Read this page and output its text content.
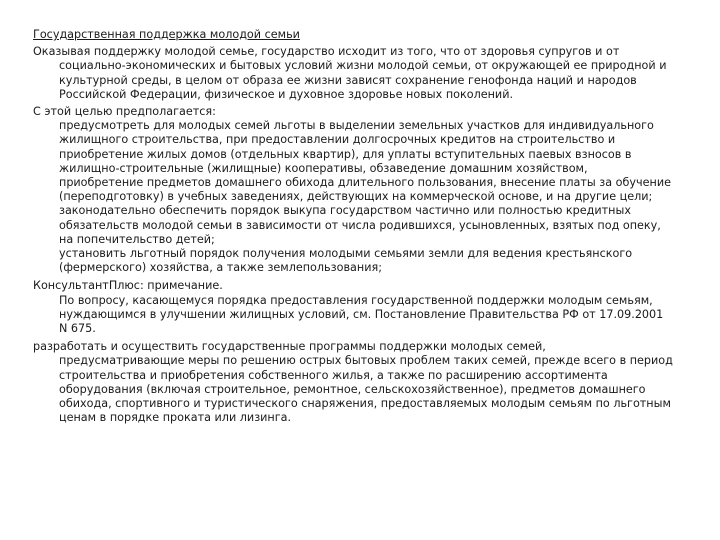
Государственная поддержка молодой семьи

Оказывая поддержку молодой семье, государство исходит из того, что от здоровья супругов и от социально-экономических и бытовых условий жизни молодой семьи, от окружающей ее природной и культурной среды, в целом от образа ее жизни зависят сохранение генофонда наций и народов Российской Федерации, физическое и духовное здоровье новых поколений.

С этой целью предполагается:

предусмотреть для молодых семей льготы в выделении земельных участков для индивидуального жилищного строительства, при предоставлении долгосрочных кредитов на строительство и приобретение жилых домов (отдельных квартир), для уплаты вступительных паевых взносов в жилищно-строительные (жилищные) кооперативы, обзаведение домашним хозяйством, приобретение предметов домашнего обихода длительного пользования, внесение платы за обучение (переподготовку) в учебных заведениях, действующих на коммерческой основе, и на другие цели;

законодательно обеспечить порядок выкупа государством частично или полностью кредитных обязательств молодой семьи в зависимости от числа родившихся, усыновленных, взятых под опеку, на попечительство детей;

установить льготный порядок получения молодыми семьями земли для ведения крестьянского (фермерского) хозяйства, а также землепользования;

КонсультантПлюс: примечание.

По вопросу, касающемуся порядка предоставления государственной поддержки молодым семьям, нуждающимся в улучшении жилищных условий, см. Постановление Правительства РФ от 17.09.2001 N 675.

разработать и осуществить государственные программы поддержки молодых семей, предусматривающие меры по решению острых бытовых проблем таких семей, прежде всего в период строительства и приобретения собственного жилья, а также по расширению ассортимента оборудования (включая строительное, ремонтное, сельскохозяйственное), предметов домашнего обихода, спортивного и туристического снаряжения, предоставляемых молодым семьям по льготным ценам в порядке проката или лизинга.
